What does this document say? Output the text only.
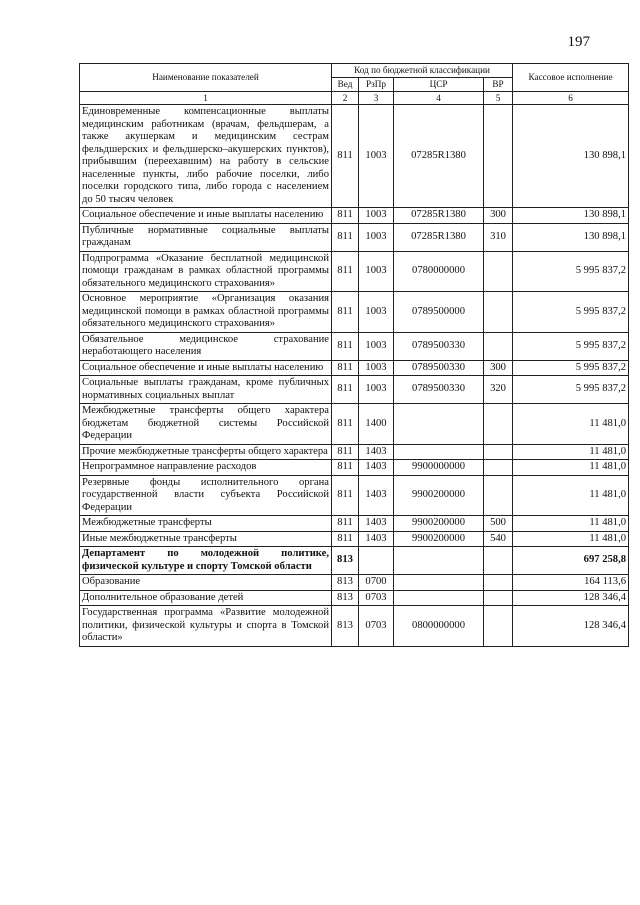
197
Наименование показателей	Код по бюджетной классификации				Кассовое исполнение
	Вед	РзПр	ЦСР	ВР	
1	2	3	4	5	6
Единовременные компенсационные выплаты медицинским работникам (врачам, фельдшерам, а также акушеркам и медицинским сестрам фельдшерских и фельдшерско–акушерских пунктов), прибывшим (переехавшим) на работу в сельские населенные пункты, либо рабочие поселки, либо поселки городского типа, либо города с населением до 50 тысяч человек	811	1003	07285R1380		130 898,1
Социальное обеспечение и иные выплаты населению	811	1003	07285R1380	300	130 898,1
Публичные нормативные социальные выплаты гражданам	811	1003	07285R1380	310	130 898,1
Подпрограмма «Оказание бесплатной медицинской помощи гражданам в рамках областной программы обязательного медицинского страхования»	811	1003	0780000000		5 995 837,2
Основное мероприятие «Организация оказания медицинской помощи в рамках областной программы обязательного медицинского страхования»	811	1003	0789500000		5 995 837,2
Обязательное медицинское страхование неработающего населения	811	1003	0789500330		5 995 837,2
Социальное обеспечение и иные выплаты населению	811	1003	0789500330	300	5 995 837,2
Социальные выплаты гражданам, кроме публичных нормативных социальных выплат	811	1003	0789500330	320	5 995 837,2
Межбюджетные трансферты общего характера бюджетам бюджетной системы Российской Федерации	811	1400			11 481,0
Прочие межбюджетные трансферты общего характера	811	1403			11 481,0
Непрограммное направление расходов	811	1403	9900000000		11 481,0
Резервные фонды исполнительного органа государственной власти субъекта Российской Федерации	811	1403	9900200000		11 481,0
Межбюджетные трансферты	811	1403	9900200000	500	11 481,0
Иные межбюджетные трансферты	811	1403	9900200000	540	11 481,0
Департамент по молодежной политике, физической культуре и спорту Томской области	813				697 258,8
Образование	813	0700			164 113,6
Дополнительное образование детей	813	0703			128 346,4
Государственная программа «Развитие молодежной политики, физической культуры и спорта в Томской области»	813	0703	0800000000		128 346,4
